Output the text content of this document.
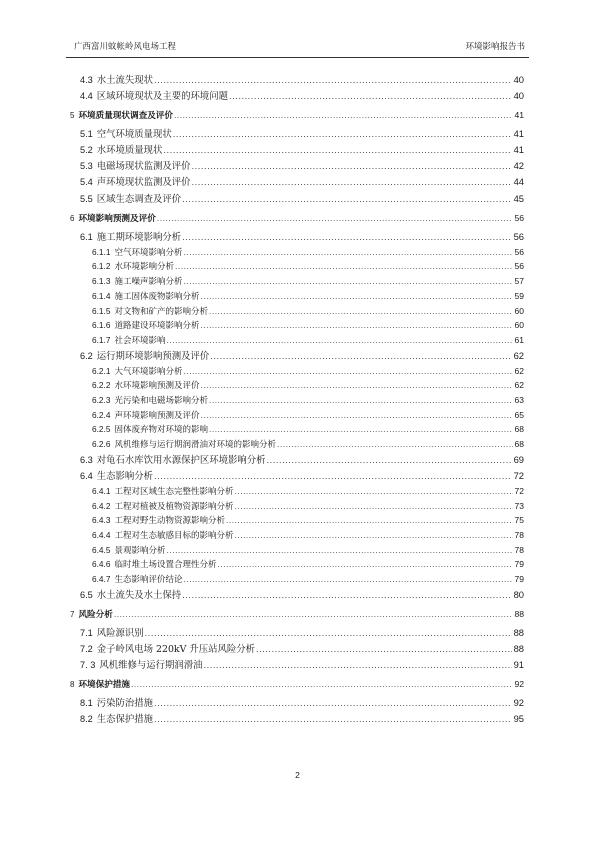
广西富川蚊帐岭风电场工程	环境影响报告书
4.3 水土流失现状 .....	40
4.4 区域环境现状及主要的环境问题 .....	40
5 环境质量现状调查及评价 .....	41
5.1 空气环境质量现状 .....	41
5.2 水环境质量现状 .....	41
5.3 电磁场现状监测及评价 .....	42
5.4 声环境现状监测及评价 .....	44
5.5 区域生态调查及评价 .....	45
6 环境影响预测及评价 .....	56
6.1 施工期环境影响分析 .....	56
6.1.1 空气环境影响分析 .....	56
6.1.2 水环境影响分析 .....	56
6.1.3 施工噪声影响分析 .....	57
6.1.4 施工固体废物影响分析 .....	59
6.1.5 对文物和矿产的影响分析 .....	60
6.1.6 道路建设环境影响分析 .....	60
6.1.7 社会环境影响 .....	61
6.2 运行期环境影响预测及评价 .....	62
6.2.1 大气环境影响分析 .....	62
6.2.2 水环境影响预测及评价 .....	62
6.2.3 光污染和电磁场影响分析 .....	63
6.2.4 声环境影响预测及评价 .....	65
6.2.5 固体废弃物对环境的影响 .....	68
6.2.6 风机维修与运行期润滑油对环境的影响分析 .....	68
6.3 对龟石水库饮用水源保护区环境影响分析 .....	69
6.4 生态影响分析 .....	72
6.4.1 工程对区域生态完整性影响分析 .....	72
6.4.2 工程对植被及植物资源影响分析 .....	73
6.4.3 工程对野生动物资源影响分析 .....	75
6.4.4 工程对生态敏感目标的影响分析 .....	78
6.4.5 景观影响分析 .....	78
6.4.6 临时堆土场设置合理性分析 .....	79
6.4.7 生态影响评价结论 .....	79
6.5 水土流失及水土保持 .....	80
7 风险分析 .....	88
7.1 风险源识别 .....	88
7.2 金子岭风电场 220kV 升压站风险分析 .....	88
7. 3 风机维修与运行期润滑油 .....	91
8 环境保护措施 .....	92
8.1 污染防治措施 .....	92
8.2 生态保护措施 .....	95
2
